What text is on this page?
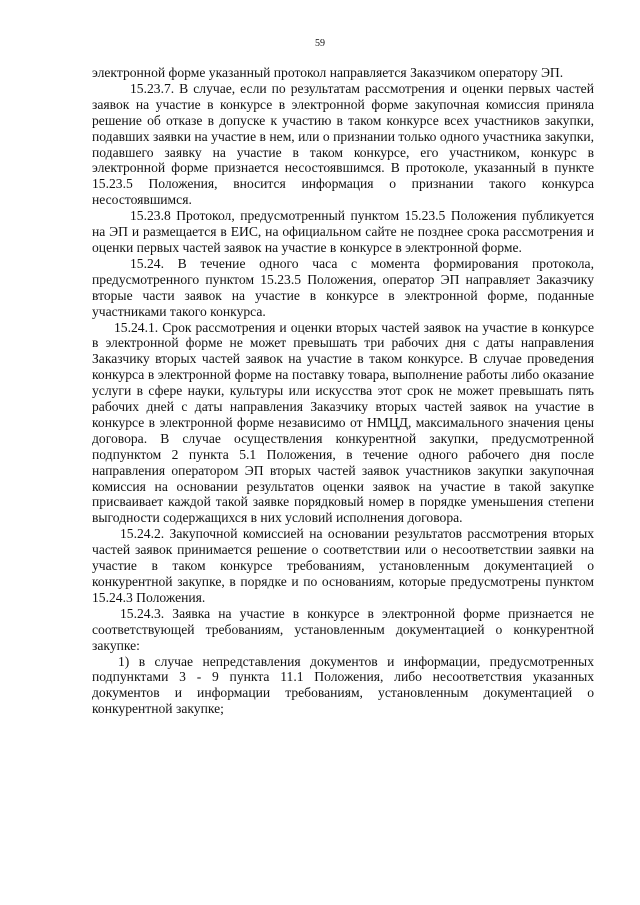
59

электронной форме указанный протокол направляется Заказчиком оператору ЭП.

15.23.7. В случае, если по результатам рассмотрения и оценки первых частей заявок на участие в конкурсе в электронной форме закупочная комиссия приняла решение об отказе в допуске к участию в таком конкурсе всех участников закупки, подавших заявки на участие в нем, или о признании только одного участника закупки, подавшего заявку на участие в таком конкурсе, его участником, конкурс в электронной форме признается несостоявшимся. В протоколе, указанный в пункте 15.23.5 Положения, вносится информация о признании такого конкурса несостоявшимся.

15.23.8 Протокол, предусмотренный пунктом 15.23.5 Положения публикуется на ЭП и размещается в ЕИС, на официальном сайте не позднее срока рассмотрения и оценки первых частей заявок на участие в конкурсе в электронной форме.

15.24. В течение одного часа с момента формирования протокола, предусмотренного пунктом 15.23.5 Положения, оператор ЭП направляет Заказчику вторые части заявок на участие в конкурсе в электронной форме, поданные участниками такого конкурса.

15.24.1. Срок рассмотрения и оценки вторых частей заявок на участие в конкурсе в электронной форме не может превышать три рабочих дня с даты направления Заказчику вторых частей заявок на участие в таком конкурсе. В случае проведения конкурса в электронной форме на поставку товара, выполнение работы либо оказание услуги в сфере науки, культуры или искусства этот срок не может превышать пять рабочих дней с даты направления Заказчику вторых частей заявок на участие в конкурсе в электронной форме независимо от НМЦД, максимального значения цены договора. В случае осуществления конкурентной закупки, предусмотренной подпунктом 2 пункта 5.1 Положения, в течение одного рабочего дня после направления оператором ЭП вторых частей заявок участников закупки закупочная комиссия на основании результатов оценки заявок на участие в такой закупке присваивает каждой такой заявке порядковый номер в порядке уменьшения степени выгодности содержащихся в них условий исполнения договора.

15.24.2. Закупочной комиссией на основании результатов рассмотрения вторых частей заявок принимается решение о соответствии или о несоответствии заявки на участие в таком конкурсе требованиям, установленным документацией о конкурентной закупке, в порядке и по основаниям, которые предусмотрены пунктом 15.24.3 Положения.

15.24.3. Заявка на участие в конкурсе в электронной форме признается не соответствующей требованиям, установленным документацией о конкурентной закупке:

1) в случае непредставления документов и информации, предусмотренных подпунктами 3 - 9 пункта 11.1 Положения, либо несоответствия указанных документов и информации требованиям, установленным документацией о конкурентной закупке;
